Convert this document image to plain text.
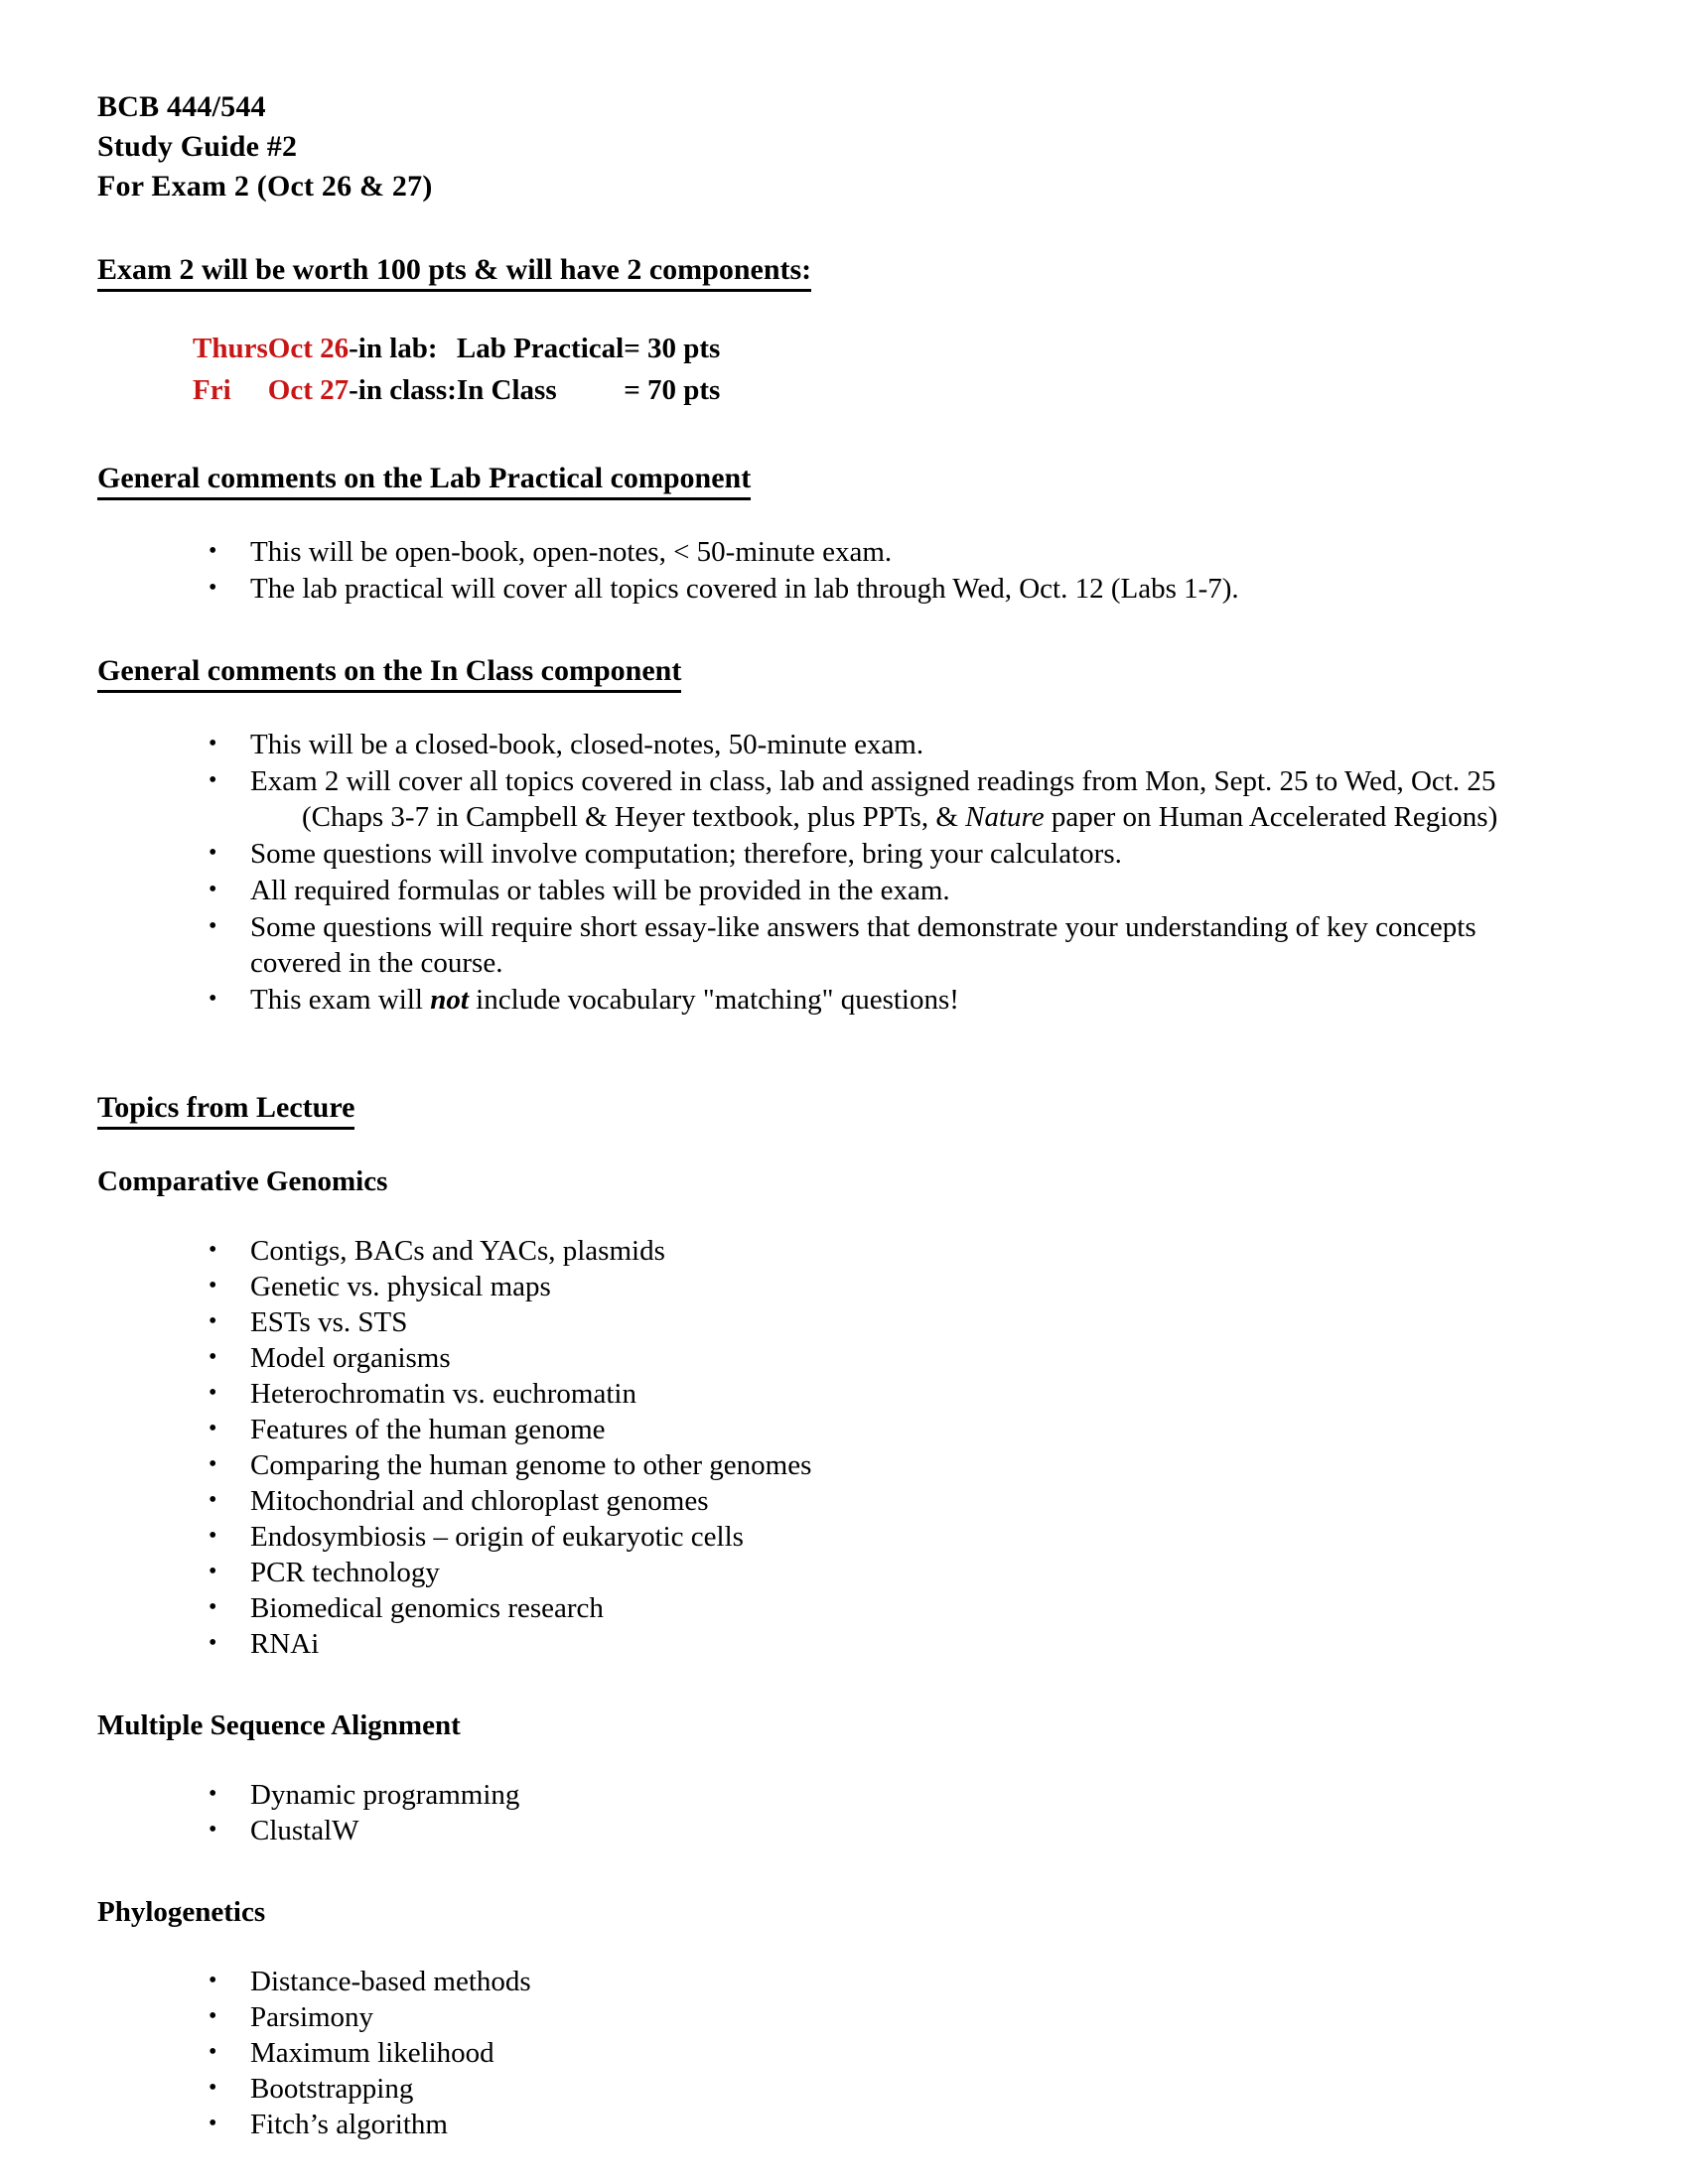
BCB 444/544
Study Guide #2
For Exam 2 (Oct 26 & 27)
Exam 2 will be worth 100 pts & will have 2 components:
Thurs	Oct 26	-	in lab:	Lab Practical	= 30 pts
Fri	Oct 27	-	in class:	In Class	= 70 pts
General comments on the Lab Practical component
• This will be open-book, open-notes, < 50-minute exam.
• The lab practical will cover all topics covered in lab through Wed, Oct. 12 (Labs 1-7).
General comments on the In Class component
• This will be a closed-book, closed-notes, 50-minute exam.
• Exam 2 will cover all topics covered in class, lab and assigned readings from Mon, Sept. 25 to Wed, Oct. 25
(Chaps 3-7 in Campbell & Heyer textbook, plus PPTs, & Nature paper on Human Accelerated Regions)
• Some questions will involve computation; therefore, bring your calculators.
• All required formulas or tables will be provided in the exam.
• Some questions will require short essay-like answers that demonstrate your understanding of key concepts covered in the course.
• This exam will not include vocabulary "matching" questions!
Topics from Lecture
Comparative Genomics
• Contigs, BACs and YACs, plasmids
• Genetic vs. physical maps
• ESTs vs. STS
• Model organisms
• Heterochromatin vs. euchromatin
• Features of the human genome
• Comparing the human genome to other genomes
• Mitochondrial and chloroplast genomes
• Endosymbiosis – origin of eukaryotic cells
• PCR technology
• Biomedical genomics research
• RNAi
Multiple Sequence Alignment
• Dynamic programming
• ClustalW
Phylogenetics
• Distance-based methods
• Parsimony
• Maximum likelihood
• Bootstrapping
• Fitch’s algorithm
